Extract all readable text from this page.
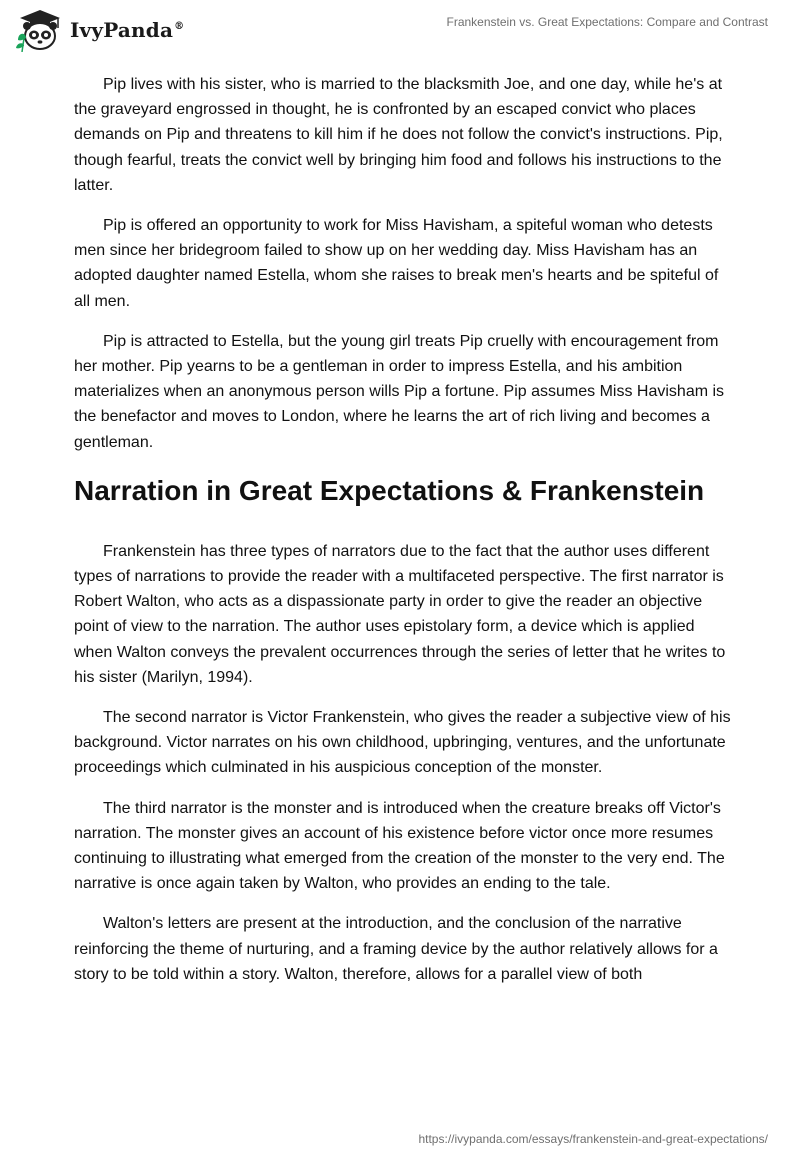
IvyPanda®	Frankenstein vs. Great Expectations: Compare and Contrast

Pip lives with his sister, who is married to the blacksmith Joe, and one day, while he's at the graveyard engrossed in thought, he is confronted by an escaped convict who places demands on Pip and threatens to kill him if he does not follow the convict's instructions. Pip, though fearful, treats the convict well by bringing him food and follows his instructions to the latter.

Pip is offered an opportunity to work for Miss Havisham, a spiteful woman who detests men since her bridegroom failed to show up on her wedding day. Miss Havisham has an adopted daughter named Estella, whom she raises to break men's hearts and be spiteful of all men.

Pip is attracted to Estella, but the young girl treats Pip cruelly with encouragement from her mother. Pip yearns to be a gentleman in order to impress Estella, and his ambition materializes when an anonymous person wills Pip a fortune. Pip assumes Miss Havisham is the benefactor and moves to London, where he learns the art of rich living and becomes a gentleman.

Narration in Great Expectations & Frankenstein

Frankenstein has three types of narrators due to the fact that the author uses different types of narrations to provide the reader with a multifaceted perspective. The first narrator is Robert Walton, who acts as a dispassionate party in order to give the reader an objective point of view to the narration. The author uses epistolary form, a device which is applied when Walton conveys the prevalent occurrences through the series of letter that he writes to his sister (Marilyn, 1994).

The second narrator is Victor Frankenstein, who gives the reader a subjective view of his background. Victor narrates on his own childhood, upbringing, ventures, and the unfortunate proceedings which culminated in his auspicious conception of the monster.

The third narrator is the monster and is introduced when the creature breaks off Victor's narration. The monster gives an account of his existence before victor once more resumes continuing to illustrating what emerged from the creation of the monster to the very end. The narrative is once again taken by Walton, who provides an ending to the tale.

Walton's letters are present at the introduction, and the conclusion of the narrative reinforcing the theme of nurturing, and a framing device by the author relatively allows for a story to be told within a story. Walton, therefore, allows for a parallel view of both

https://ivypanda.com/essays/frankenstein-and-great-expectations/
